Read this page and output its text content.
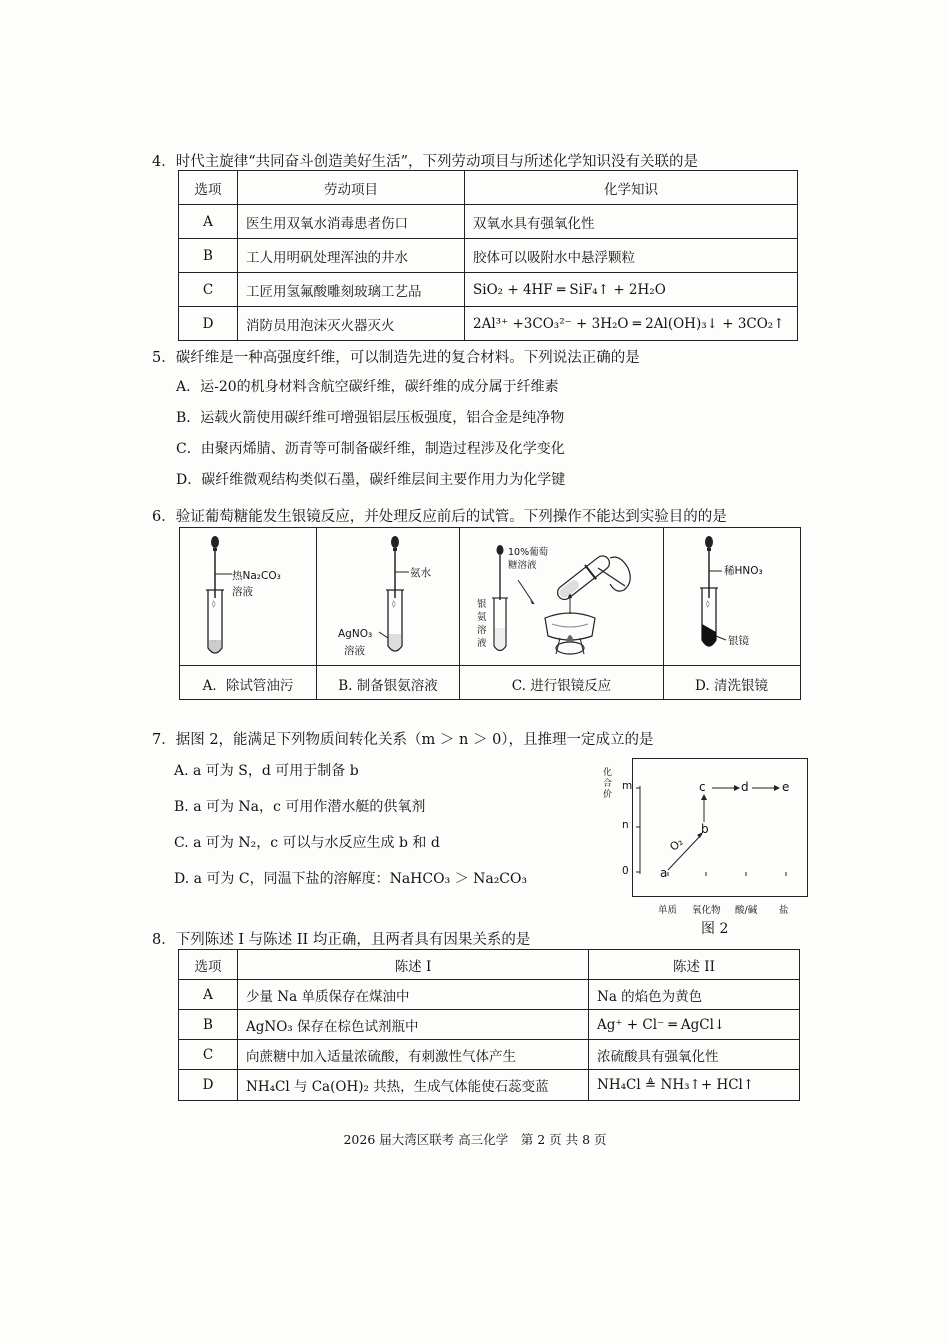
4．时代主旋律“共同奋斗创造美好生活”，下列劳动项目与所述化学知识没有关联的是
选项	劳动项目	化学知识
A	医生用双氧水消毒患者伤口	双氧水具有强氧化性
B	工人用明矾处理浑浊的井水	胶体可以吸附水中悬浮颗粒
C	工匠用氢氟酸雕刻玻璃工艺品	SiO₂ + 4HF ═ SiF₄↑ + 2H₂O
D	消防员用泡沫灭火器灭火	2Al³⁺ +3CO₃²⁻ + 3H₂O ═ 2Al(OH)₃↓ + 3CO₂↑
5．碳纤维是一种高强度纤维，可以制造先进的复合材料。下列说法正确的是
A．运-20的机身材料含航空碳纤维，碳纤维的成分属于纤维素
B．运载火箭使用碳纤维可增强铝层压板强度，铝合金是纯净物
C．由聚丙烯腈、沥青等可制备碳纤维，制造过程涉及化学变化
D．碳纤维微观结构类似石墨，碳纤维层间主要作用力为化学键
6．验证葡萄糖能发生银镜反应，并处理反应前后的试管。下列操作不能达到实验目的的是
◊
˙˙
热Na₂CO₃
溶液
A．除试管油污
◊
氨水
AgNO₃
溶液
B. 制备银氨溶液
10%葡萄
糖溶液
银
氨
溶
液
C. 进行银镜反应
◊
稀HNO₃
银镜
D. 清洗银镜
7．据图 2，能满足下列物质间转化关系（m ＞ n ＞ 0），且推理一定成立的是
A. a 可为 S，d 可用于制备 b
B. a 可为 Na，c 可用作潜水艇的供氧剂
C. a 可为 N₂，c 可以与水反应生成 b 和 d
D. a 可为 C，同温下盐的溶解度：NaHCO₃ ＞ Na₂CO₃
化合价
m
n
0
单质 氧化物 酸/碱 盐
a
b
c	d	e
O₂
图 2
8．下列陈述 I 与陈述 II 均正确，且两者具有因果关系的是
选项	陈述 I	陈述 II
A	少量 Na 单质保存在煤油中	Na 的焰色为黄色
B	AgNO₃ 保存在棕色试剂瓶中	Ag⁺ + Cl⁻ ═ AgCl↓
C	向蔗糖中加入适量浓硫酸，有刺激性气体产生	浓硫酸具有强氧化性
D	NH₄Cl 与 Ca(OH)₂ 共热，生成气体能使石蕊变蓝	NH₄Cl ≜ NH₃↑+ HCl↑
2026 届大湾区联考 高三化学　第 2 页 共 8 页
